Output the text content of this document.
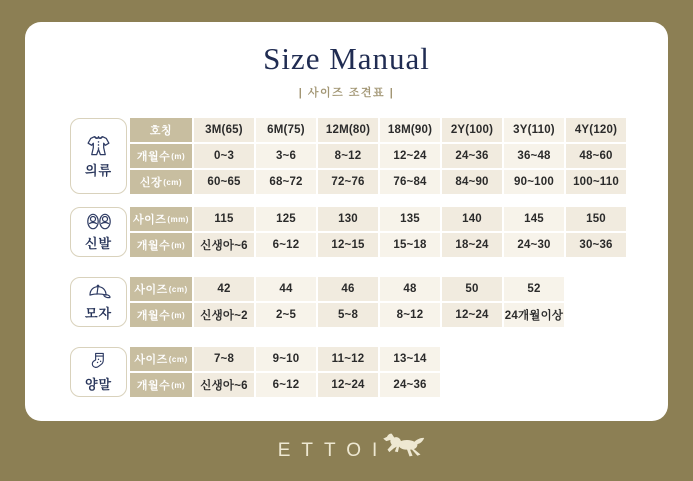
Size Manual
| 사이즈 조견표 |
의류
호칭	3M(65)	6M(75)	12M(80)	18M(90)	2Y(100)	3Y(110)	4Y(120)
개월수 (m)	0~3	3~6	8~12	12~24	24~36	36~48	48~60
신장 (cm)	60~65	68~72	72~76	76~84	84~90	90~100	100~110
신발
사이즈 (mm)	115	125	130	135	140	145	150
개월수 (m)	신생아~6	6~12	12~15	15~18	18~24	24~30	30~36
모자
사이즈 (cm)	42	44	46	48	50	52
개월수 (m)	신생아~2	2~5	5~8	8~12	12~24	24개월이상
양말
사이즈 (cm)	7~8	9~10	11~12	13~14
개월수 (m)	신생아~6	6~12	12~24	24~36
ETTOI
